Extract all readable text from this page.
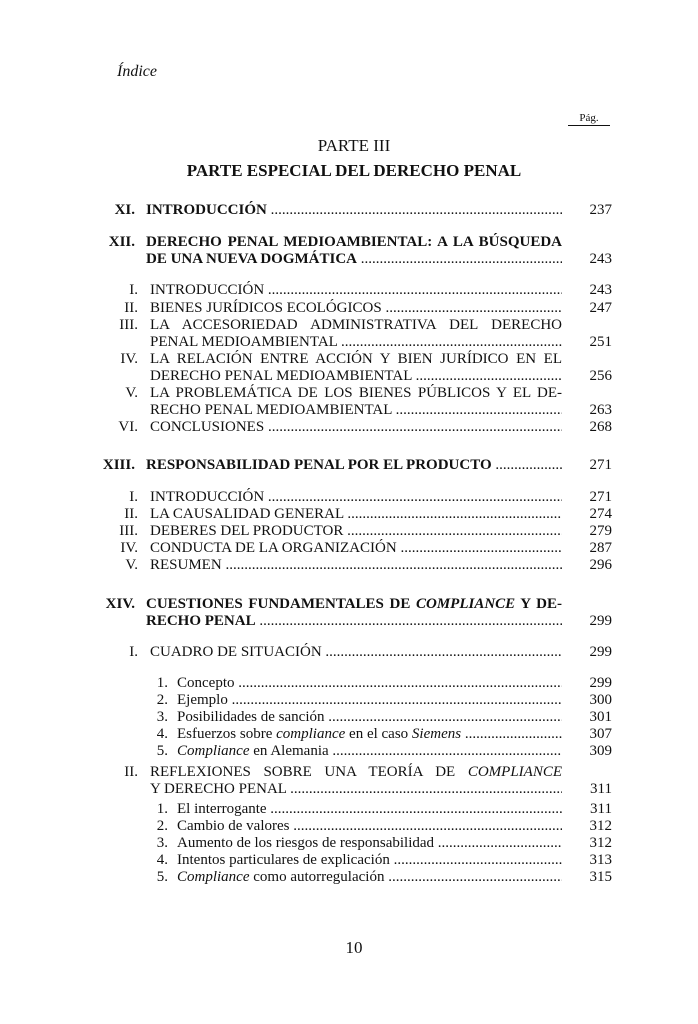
Índice
Pág.
PARTE III
PARTE ESPECIAL DEL DERECHO PENAL
XI. INTRODUCCIÓN .....	237
XII. DERECHO PENAL MEDIOAMBIENTAL: A LA BÚSQUEDA
DE UNA NUEVA DOGMÁTICA .....	243
I. INTRODUCCIÓN .....	243
II. BIENES JURÍDICOS ECOLÓGICOS .....	247
III. LA ACCESORIEDAD ADMINISTRATIVA DEL DERECHO
PENAL MEDIOAMBIENTAL .....	251
IV. LA RELACIÓN ENTRE ACCIÓN Y BIEN JURÍDICO EN EL
DERECHO PENAL MEDIOAMBIENTAL .....	256
V. LA PROBLEMÁTICA DE LOS BIENES PÚBLICOS Y EL DE-
RECHO PENAL MEDIOAMBIENTAL .....	263
VI. CONCLUSIONES .....	268
XIII. RESPONSABILIDAD PENAL POR EL PRODUCTO .....	271
I. INTRODUCCIÓN .....	271
II. LA CAUSALIDAD GENERAL .....	274
III. DEBERES DEL PRODUCTOR .....	279
IV. CONDUCTA DE LA ORGANIZACIÓN .....	287
V. RESUMEN .....	296
XIV. CUESTIONES FUNDAMENTALES DE COMPLIANCE Y DE-
RECHO PENAL .....	299
I. CUADRO DE SITUACIÓN .....	299
1. Concepto .....	299
2. Ejemplo .....	300
3. Posibilidades de sanción .....	301
4. Esfuerzos sobre compliance en el caso Siemens .....	307
5. Compliance en Alemania .....	309
II. REFLEXIONES SOBRE UNA TEORÍA DE COMPLIANCE
Y DERECHO PENAL .....	311
1. El interrogante .....	311
2. Cambio de valores .....	312
3. Aumento de los riesgos de responsabilidad .....	312
4. Intentos particulares de explicación .....	313
5. Compliance como autorregulación .....	315
10
